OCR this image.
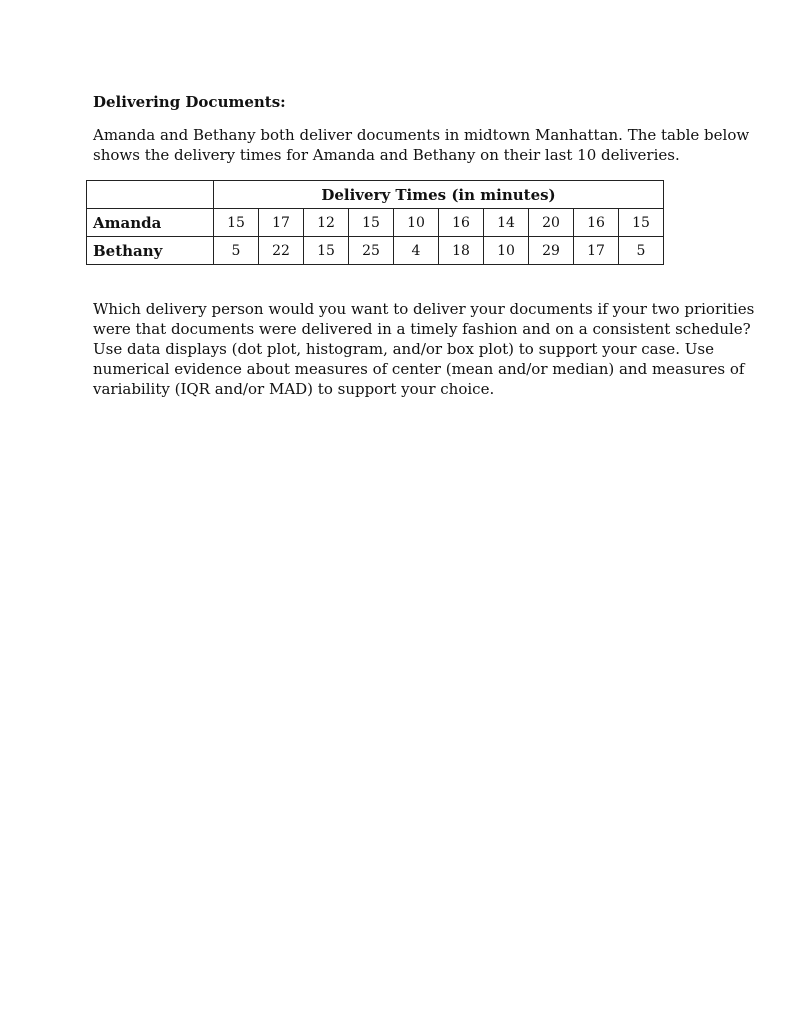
Delivering Documents:

Amanda and Bethany both deliver documents in midtown Manhattan. The table below
shows the delivery times for Amanda and Bethany on their last 10 deliveries.

	Delivery Times (in minutes)									
Amanda	15	17	12	15	10	16	14	20	16	15
Bethany	5	22	15	25	4	18	10	29	17	5

Which delivery person would you want to deliver your documents if your two priorities
were that documents were delivered in a timely fashion and on a consistent schedule?
Use data displays (dot plot, histogram, and/or box plot) to support your case. Use
numerical evidence about measures of center (mean and/or median) and measures of
variability (IQR and/or MAD) to support your choice.
